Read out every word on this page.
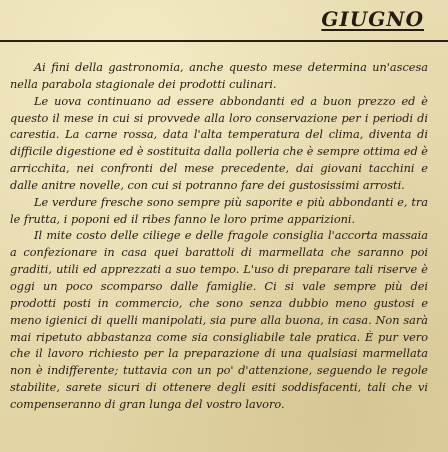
GIUGNO

Ai fini della gastronomia, anche questo mese determina un'ascesa nella parabola stagionale dei prodotti culinari.

Le uova continuano ad essere abbondanti ed a buon prezzo ed è questo il mese in cui si provvede alla loro conservazione per i periodi di carestia. La carne rossa, data l'alta temperatura del clima, diventa di difficile digestione ed è sostituita dalla polleria che è sempre ottima ed è arricchita, nei confronti del mese precedente, dai giovani tacchini e dalle anitre novelle, con cui si potranno fare dei gustosissimi arrosti.

Le verdure fresche sono sempre più saporite e più abbondanti e, tra le frutta, i poponi ed il ribes fanno le loro prime apparizioni.

Il mite costo delle ciliege e delle fragole consiglia l'accorta massaia a confezionare in casa quei barattoli di marmellata che saranno poi graditi, utili ed apprezzati a suo tempo. L'uso di preparare tali riserve è oggi un poco scomparso dalle famiglie. Ci si vale sempre più dei prodotti posti in commercio, che sono senza dubbio meno gustosi e meno igienici di quelli manipolati, sia pure alla buona, in casa. Non sarà mai ripetuto abbastanza come sia consigliabile tale pratica. È pur vero che il lavoro richiesto per la preparazione di una qualsiasi marmellata non è indifferente; tuttavia con un po' d'attenzione, seguendo le regole stabilite, sarete sicuri di ottenere degli esiti soddisfacenti, tali che vi compenseranno di gran lunga del vostro lavoro.
